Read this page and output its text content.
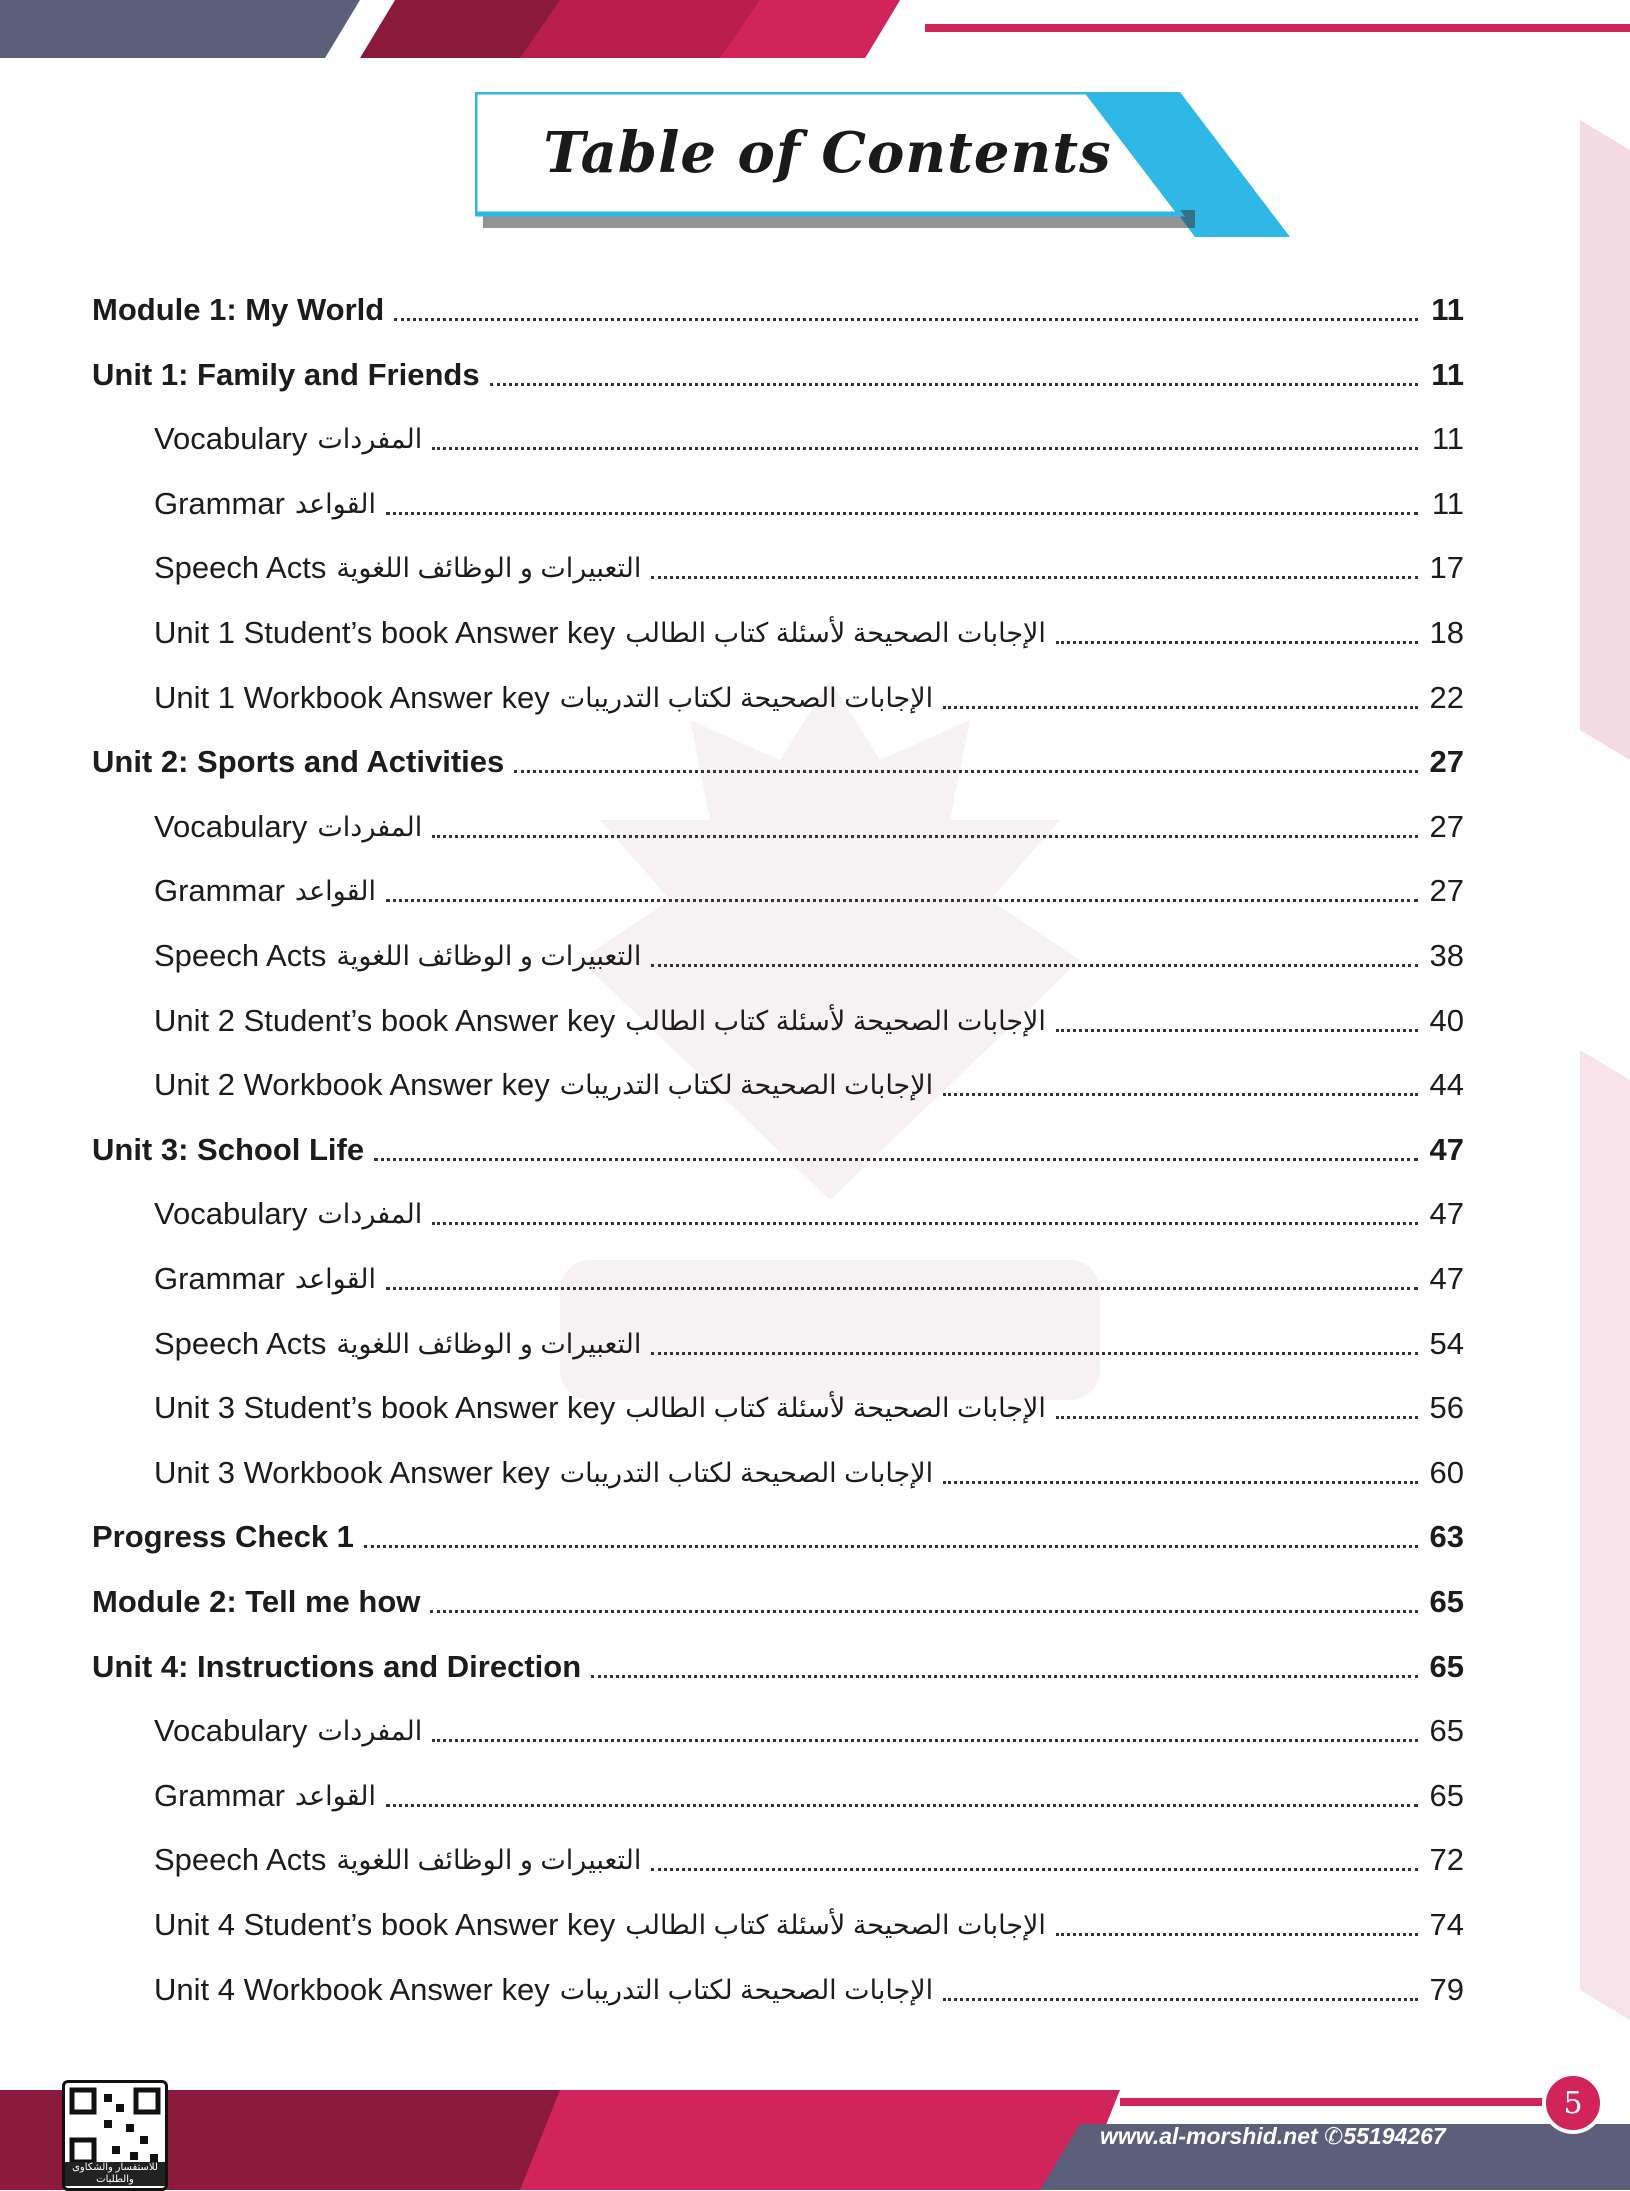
Table of Contents
Module 1: My World	11
Unit 1: Family and Friends	11
Vocabulary المفردات	11
Grammar القواعد	11
Speech Acts التعبيرات و الوظائف اللغوية	17
Unit 1 Student’s book Answer key الإجابات الصحيحة لأسئلة كتاب الطالب	18
Unit 1 Workbook Answer key الإجابات الصحيحة لكتاب التدريبات	22
Unit 2: Sports and Activities	27
Vocabulary المفردات	27
Grammar القواعد	27
Speech Acts التعبيرات و الوظائف اللغوية	38
Unit 2 Student’s book Answer key الإجابات الصحيحة لأسئلة كتاب الطالب	40
Unit 2 Workbook Answer key الإجابات الصحيحة لكتاب التدريبات	44
Unit 3: School Life	47
Vocabulary المفردات	47
Grammar القواعد	47
Speech Acts التعبيرات و الوظائف اللغوية	54
Unit 3 Student’s book Answer key الإجابات الصحيحة لأسئلة كتاب الطالب	56
Unit 3 Workbook Answer key الإجابات الصحيحة لكتاب التدريبات	60
Progress Check 1	63
Module 2: Tell me how	65
Unit 4: Instructions and Direction	65
Vocabulary المفردات	65
Grammar القواعد	65
Speech Acts التعبيرات و الوظائف اللغوية	72
Unit 4 Student’s book Answer key الإجابات الصحيحة لأسئلة كتاب الطالب	74
Unit 4 Workbook Answer key الإجابات الصحيحة لكتاب التدريبات	79
للاستفسار والشكاوى والطلبات
www.al-morshid.net ✆55194267
5
